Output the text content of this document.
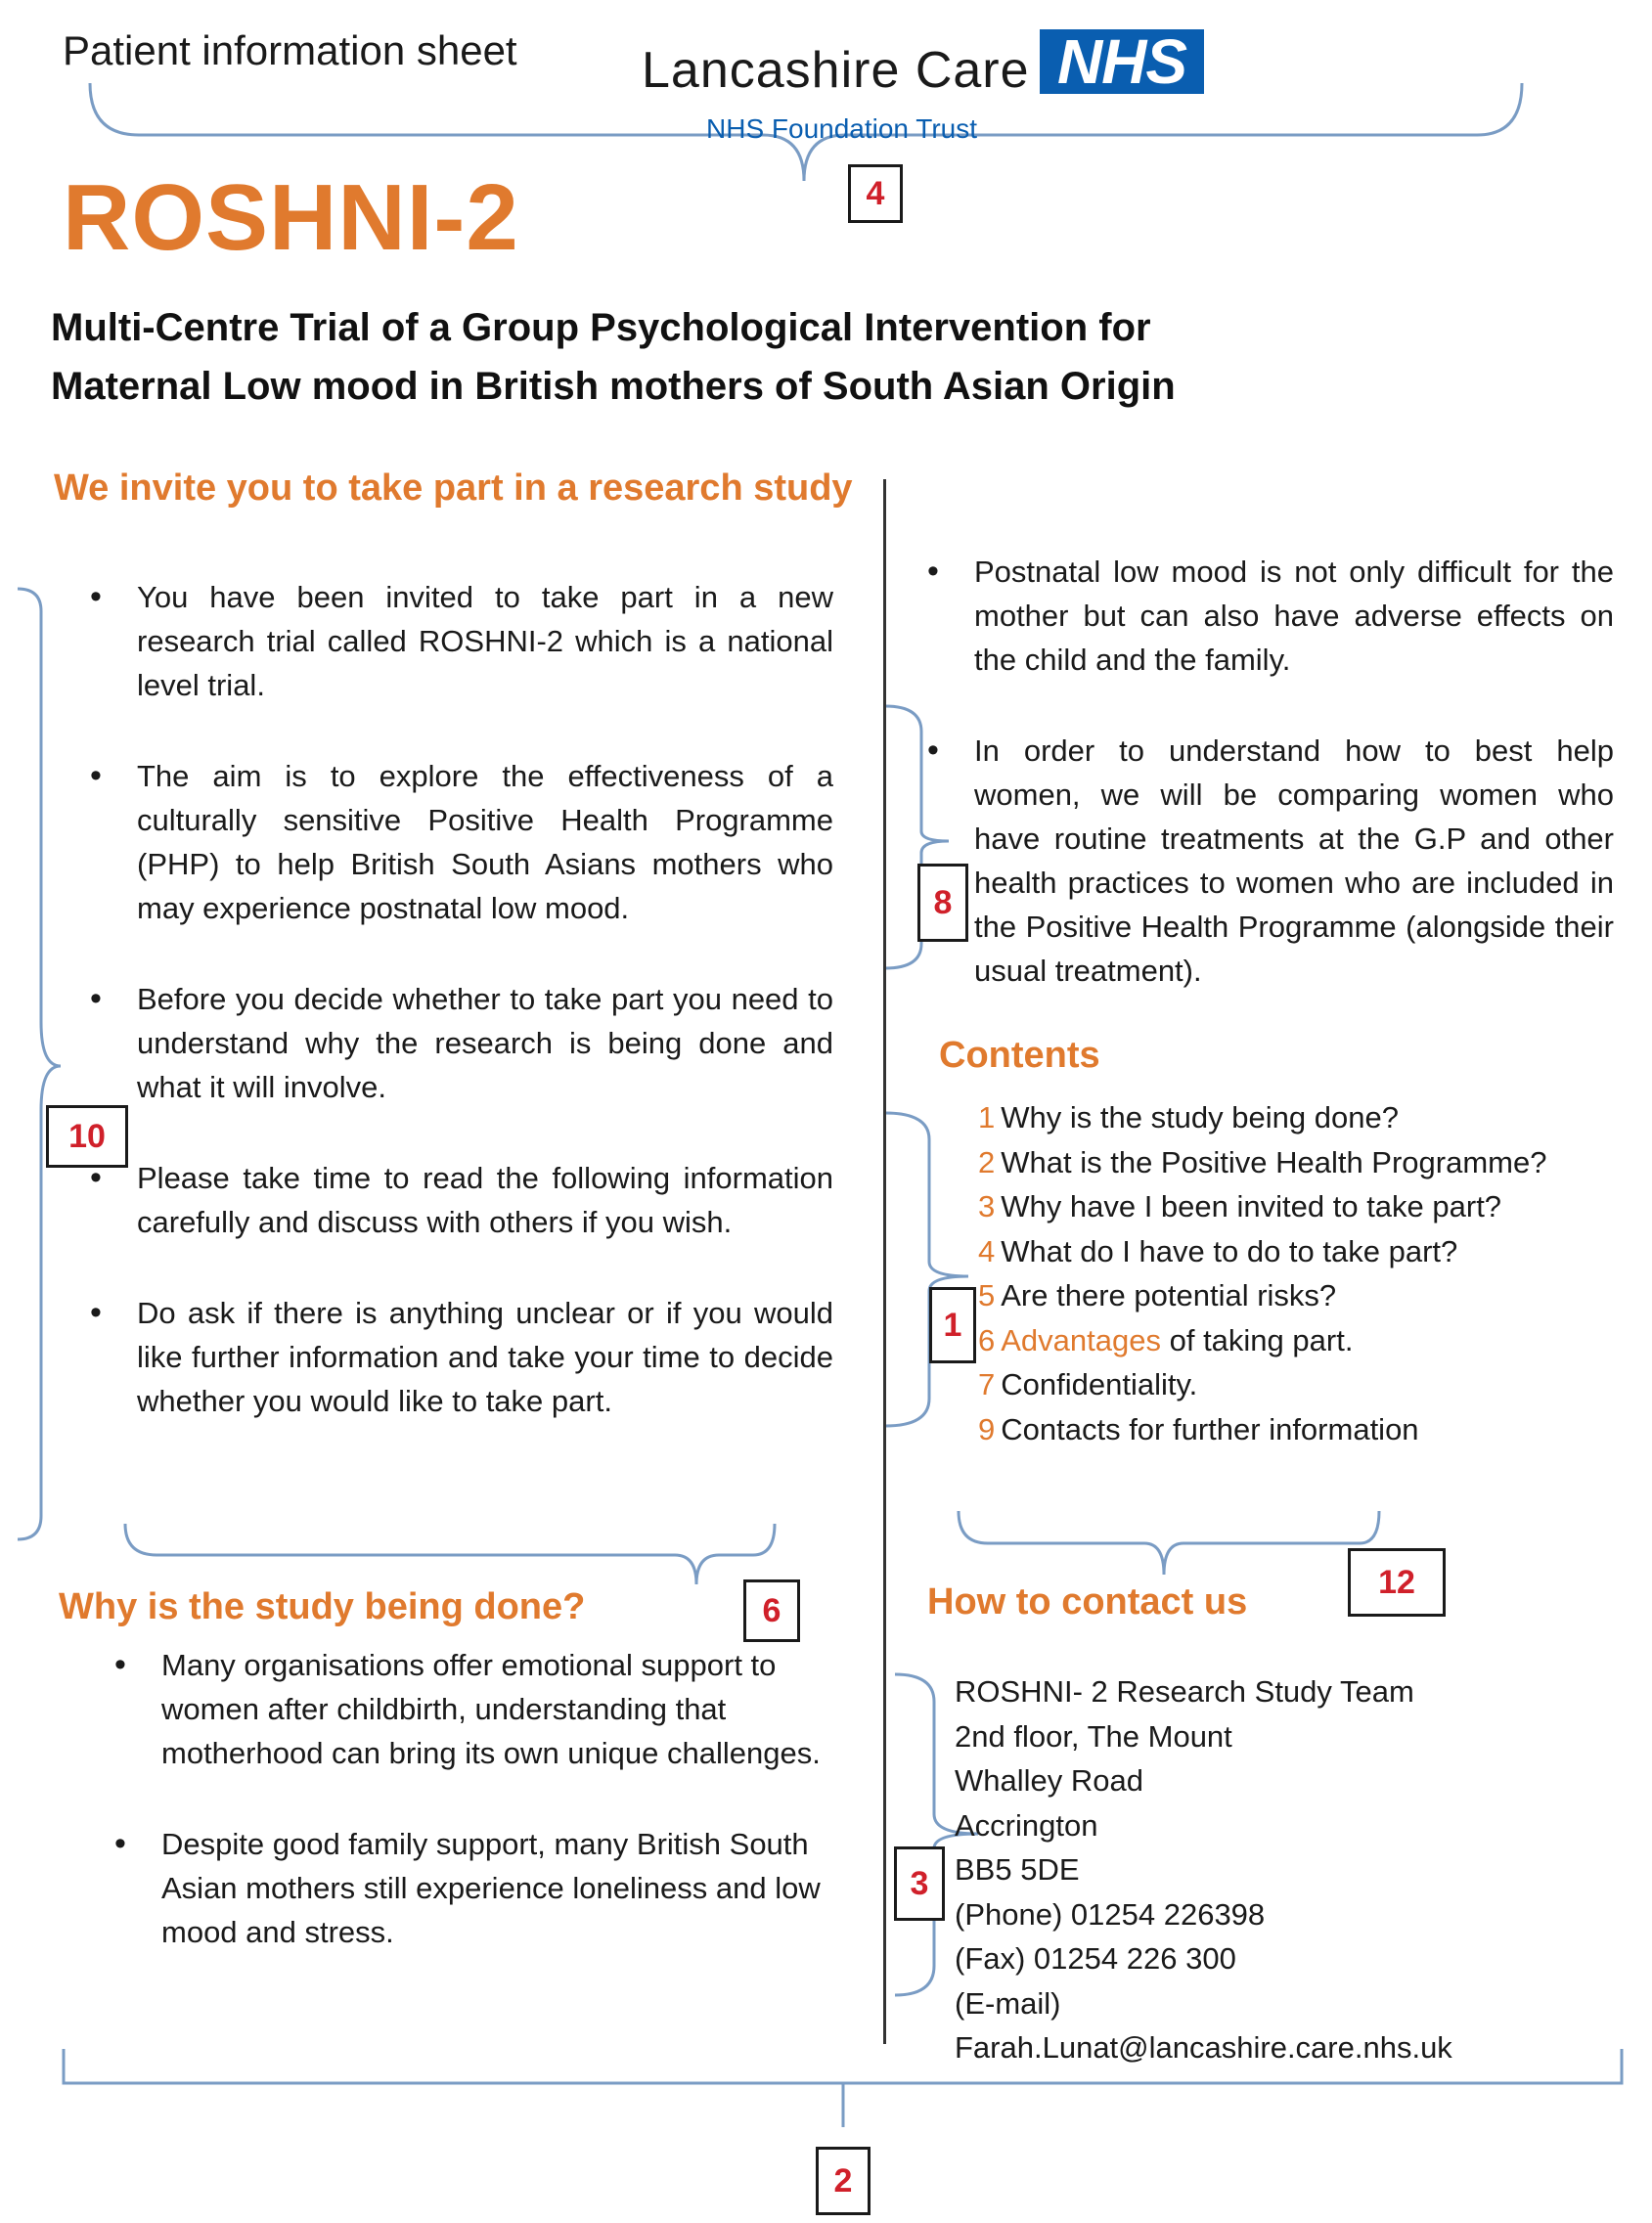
Patient information sheet Lancashire Care NHS
NHS Foundation Trust
ROSHNI-2
Multi-Centre Trial of a Group Psychological Intervention for
Maternal Low mood in British mothers of South Asian Origin
We invite you to take part in a research study
• You have been invited to take part in a new research trial called ROSHNI-2 which is a national level trial.
• The aim is to explore the effectiveness of a culturally sensitive Positive Health Programme (PHP) to help British South Asians mothers who may experience postnatal low mood.
• Before you decide whether to take part you need to understand why the research is being done and what it will involve.
• Please take time to read the following information carefully and discuss with others if you wish.
• Do ask if there is anything unclear or if you would like further information and take your time to decide whether you would like to take part.
Why is the study being done?
• Many organisations offer emotional support to women after childbirth, understanding that motherhood can bring its own unique challenges.
• Despite good family support, many British South Asian mothers still experience loneliness and low mood and stress.
• Postnatal low mood is not only difficult for the mother but can also have adverse effects on the child and the family.
• In order to understand how to best help women, we will be comparing women who have routine treatments at the G.P and other health practices to women who are included in the Positive Health Programme (alongside their usual treatment).
Contents
1 Why is the study being done?
2 What is the Positive Health Programme?
3 Why have I been invited to take part?
4 What do I have to do to take part?
5 Are there potential risks?
6 Advantages of taking part.
7 Confidentiality.
9 Contacts for further information
How to contact us
ROSHNI- 2 Research Study Team
2nd floor, The Mount
Whalley Road
Accrington
BB5 5DE
(Phone) 01254 226398
(Fax) 01254 226 300
(E-mail)
Farah.Lunat@lancashire.care.nhs.uk
4
10
6
8
1
12
3
2
